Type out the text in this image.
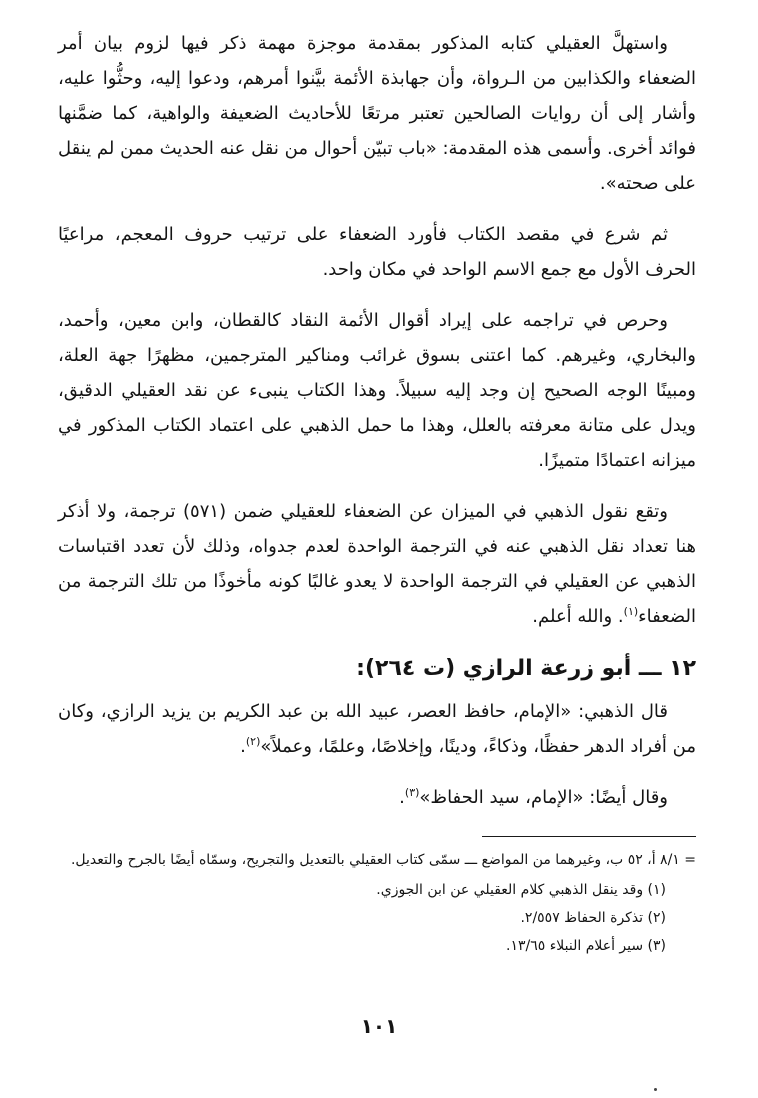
واستهلَّ العقيلي كتابه المذكور بمقدمة موجزة مهمة ذكر فيها لزوم بيان أمر الضعفاء والكذابين من الـرواة، وأن جهابذة الأئمة بيَّنوا أمرهم، ودعوا إليه، وحثُّوا عليه، وأشار إلى أن روايات الصالحين تعتبر مرتعًا للأحاديث الضعيفة والواهية، كما ضمَّنها فوائد أخرى. وأسمى هذه المقدمة: «باب تبيّن أحوال من نقل عنه الحديث ممن لم ينقل على صحته».

ثم شرع في مقصد الكتاب فأورد الضعفاء على ترتيب حروف المعجم، مراعيًا الحرف الأول مع جمع الاسم الواحد في مكان واحد.

وحرص في تراجمه على إيراد أقوال الأئمة النقاد كالقطان، وابن معين، وأحمد، والبخاري، وغيرهم. كما اعتنى بسوق غرائب ومناكير المترجمين، مظهرًا جهة العلة، ومبينًا الوجه الصحيح إن وجد إليه سبيلاً. وهذا الكتاب ينبىء عن نقد العقيلي الدقيق، ويدل على متانة معرفته بالعلل، وهذا ما حمل الذهبي على اعتماد الكتاب المذكور في ميزانه اعتمادًا متميزًا.

وتقع نقول الذهبي في الميزان عن الضعفاء للعقيلي ضمن (٥٧١) ترجمة، ولا أذكر هنا تعداد نقل الذهبي عنه في الترجمة الواحدة لعدم جدواه، وذلك لأن تعدد اقتباسات الذهبي عن العقيلي في الترجمة الواحدة لا يعدو غالبًا كونه مأخوذًا من تلك الترجمة من الضعفاء$^{(١)}$. والله أعلم.

١٢ ـــ أبو زرعة الرازي (ت ٢٦٤):

قال الذهبي: «الإمام، حافظ العصر، عبيد الله بن عبد الكريم بن يزيد الرازي، وكان من أفراد الدهر حفظًا، وذكاءً، ودينًا، وإخلاصًا، وعلمًا، وعملاً»$^{(٢)}$.

وقال أيضًا: «الإمام، سيد الحفاظ»$^{(٣)}$.

= ٨/١ أ، ٥٢ ب، وغيرهما من المواضع ـــ سمّى كتاب العقيلي بالتعديل والتجريح، وسمّاه أيضًا بالجرح والتعديل.

(١) وقد ينقل الذهبي كلام العقيلي عن ابن الجوزي.
(٢) تذكرة الحفاظ ٢/٥٥٧.
(٣) سير أعلام النبلاء ١٣/٦٥.
١٠١
